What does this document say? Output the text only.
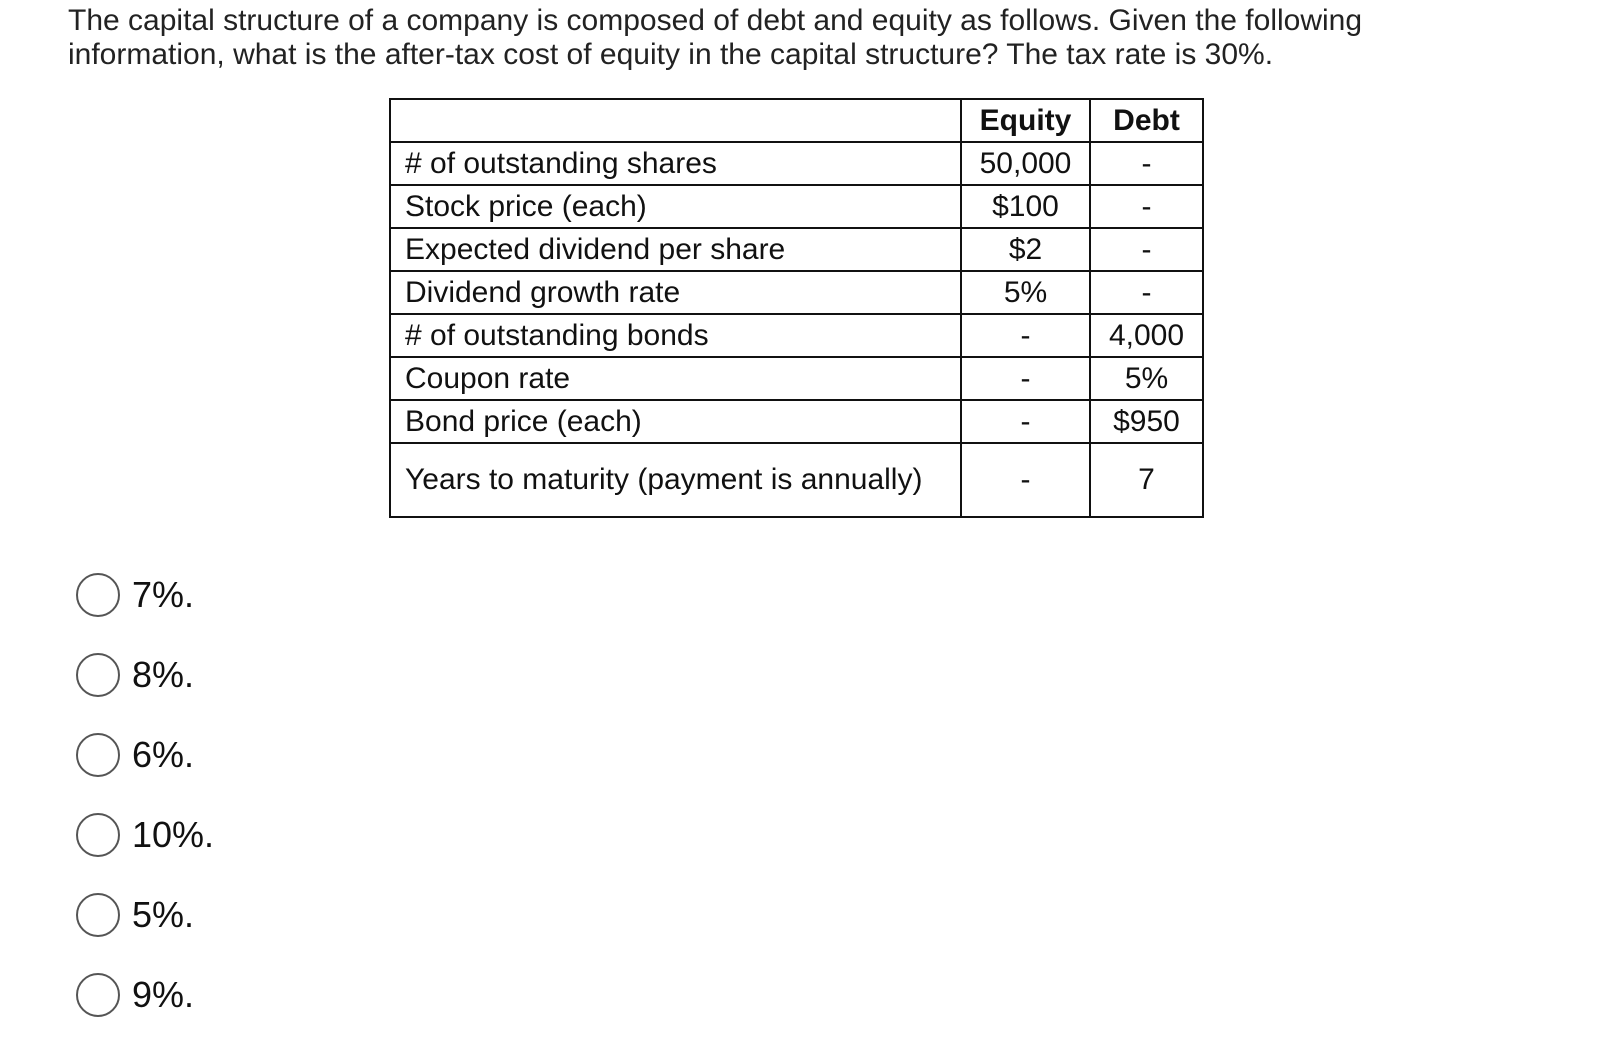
The capital structure of a company is composed of debt and equity as follows. Given the following
information, what is the after-tax cost of equity in the capital structure? The tax rate is 30%.
	Equity	Debt
# of outstanding shares	50,000	-
Stock price (each)	$100	-
Expected dividend per share	$2	-
Dividend growth rate	5%	-
# of outstanding bonds	-	4,000
Coupon rate	-	5%
Bond price (each)	-	$950
Years to maturity (payment is annually)	-	7
7%.
8%.
6%.
10%.
5%.
9%.
